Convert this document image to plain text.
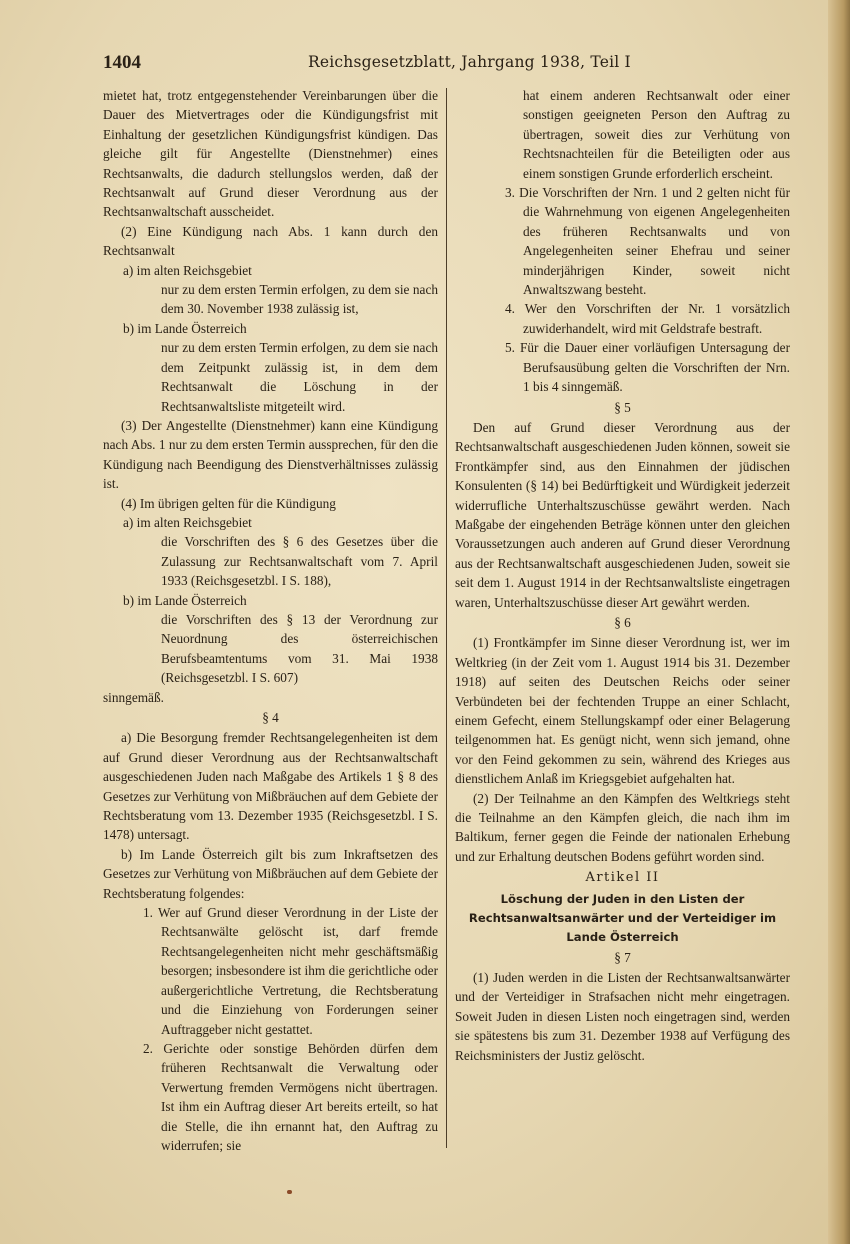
1404	Reichsgesetzblatt, Jahrgang 1938, Teil I

mietet hat, trotz entgegenstehender Vereinbarungen über die Dauer des Mietvertrages oder die Kündigungsfrist mit Einhaltung der gesetzlichen Kündigungsfrist kündigen. Das gleiche gilt für Angestellte (Dienstnehmer) eines Rechtsanwalts, die dadurch stellungslos werden, daß der Rechtsanwalt auf Grund dieser Verordnung aus der Rechtsanwaltschaft ausscheidet.

(2) Eine Kündigung nach Abs. 1 kann durch den Rechtsanwalt

a) im alten Reichsgebiet

nur zu dem ersten Termin erfolgen, zu dem sie nach dem 30. November 1938 zulässig ist,

b) im Lande Österreich

nur zu dem ersten Termin erfolgen, zu dem sie nach dem Zeitpunkt zulässig ist, in dem dem Rechtsanwalt die Löschung in der Rechtsanwaltsliste mitgeteilt wird.

(3) Der Angestellte (Dienstnehmer) kann eine Kündigung nach Abs. 1 nur zu dem ersten Termin aussprechen, für den die Kündigung nach Beendigung des Dienstverhältnisses zulässig ist.

(4) Im übrigen gelten für die Kündigung

a) im alten Reichsgebiet

die Vorschriften des § 6 des Gesetzes über die Zulassung zur Rechtsanwaltschaft vom 7. April 1933 (Reichsgesetzbl. I S. 188),

b) im Lande Österreich

die Vorschriften des § 13 der Verordnung zur Neuordnung des österreichischen Berufsbeamtentums vom 31. Mai 1938 (Reichsgesetzbl. I S. 607)

sinngemäß.

§ 4

a) Die Besorgung fremder Rechtsangelegenheiten ist dem auf Grund dieser Verordnung aus der Rechtsanwaltschaft ausgeschiedenen Juden nach Maßgabe des Artikels 1 § 8 des Gesetzes zur Verhütung von Mißbräuchen auf dem Gebiete der Rechtsberatung vom 13. Dezember 1935 (Reichsgesetzbl. I S. 1478) untersagt.

b) Im Lande Österreich gilt bis zum Inkraftsetzen des Gesetzes zur Verhütung von Mißbräuchen auf dem Gebiete der Rechtsberatung folgendes:

1. Wer auf Grund dieser Verordnung in der Liste der Rechtsanwälte gelöscht ist, darf fremde Rechtsangelegenheiten nicht mehr geschäftsmäßig besorgen; insbesondere ist ihm die gerichtliche oder außergerichtliche Vertretung, die Rechtsberatung und die Einziehung von Forderungen seiner Auftraggeber nicht gestattet.

2. Gerichte oder sonstige Behörden dürfen dem früheren Rechtsanwalt die Verwaltung oder Verwertung fremden Vermögens nicht übertragen. Ist ihm ein Auftrag dieser Art bereits erteilt, so hat die Stelle, die ihn ernannt hat, den Auftrag zu widerrufen; sie

hat einem anderen Rechtsanwalt oder einer sonstigen geeigneten Person den Auftrag zu übertragen, soweit dies zur Verhütung von Rechtsnachteilen für die Beteiligten oder aus einem sonstigen Grunde erforderlich erscheint.

3. Die Vorschriften der Nrn. 1 und 2 gelten nicht für die Wahrnehmung von eigenen Angelegenheiten des früheren Rechtsanwalts und von Angelegenheiten seiner Ehefrau und seiner minderjährigen Kinder, soweit nicht Anwaltszwang besteht.

4. Wer den Vorschriften der Nr. 1 vorsätzlich zuwiderhandelt, wird mit Geldstrafe bestraft.

5. Für die Dauer einer vorläufigen Untersagung der Berufsausübung gelten die Vorschriften der Nrn. 1 bis 4 sinngemäß.

§ 5

Den auf Grund dieser Verordnung aus der Rechtsanwaltschaft ausgeschiedenen Juden können, soweit sie Frontkämpfer sind, aus den Einnahmen der jüdischen Konsulenten (§ 14) bei Bedürftigkeit und Würdigkeit jederzeit widerrufliche Unterhaltszuschüsse gewährt werden. Nach Maßgabe der eingehenden Beträge können unter den gleichen Voraussetzungen auch anderen auf Grund dieser Verordnung aus der Rechtsanwaltschaft ausgeschiedenen Juden, soweit sie seit dem 1. August 1914 in der Rechtsanwaltsliste eingetragen waren, Unterhaltszuschüsse dieser Art gewährt werden.

§ 6

(1) Frontkämpfer im Sinne dieser Verordnung ist, wer im Weltkrieg (in der Zeit vom 1. August 1914 bis 31. Dezember 1918) auf seiten des Deutschen Reichs oder seiner Verbündeten bei der fechtenden Truppe an einer Schlacht, einem Gefecht, einem Stellungskampf oder einer Belagerung teilgenommen hat. Es genügt nicht, wenn sich jemand, ohne vor den Feind gekommen zu sein, während des Krieges aus dienstlichem Anlaß im Kriegsgebiet aufgehalten hat.

(2) Der Teilnahme an den Kämpfen des Weltkriegs steht die Teilnahme an den Kämpfen gleich, die nach ihm im Baltikum, ferner gegen die Feinde der nationalen Erhebung und zur Erhaltung deutschen Bodens geführt worden sind.

Artikel II

Löschung der Juden in den Listen der Rechtsanwaltsanwärter und der Verteidiger im Lande Österreich

§ 7

(1) Juden werden in die Listen der Rechtsanwaltsanwärter und der Verteidiger in Strafsachen nicht mehr eingetragen. Soweit Juden in diesen Listen noch eingetragen sind, werden sie spätestens bis zum 31. Dezember 1938 auf Verfügung des Reichsministers der Justiz gelöscht.
